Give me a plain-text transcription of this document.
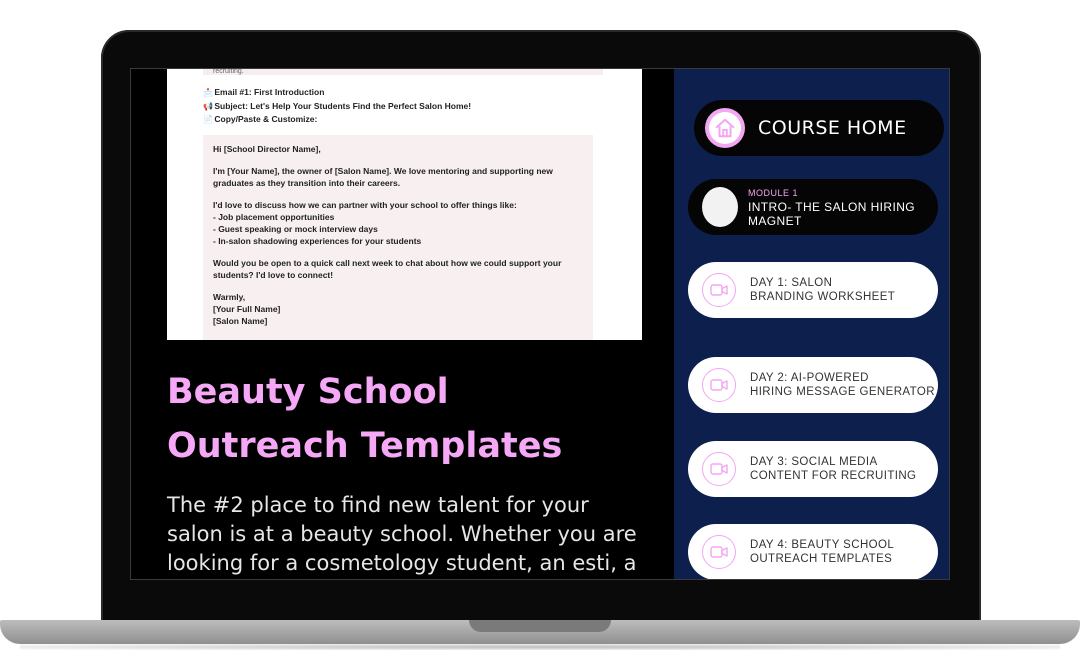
recruiting.
📩 Email #1: First Introduction
📢 Subject: Let's Help Your Students Find the Perfect Salon Home!
📄 Copy/Paste & Customize:

Hi [School Director Name],

I'm [Your Name], the owner of [Salon Name]. We love mentoring and supporting new
graduates as they transition into their careers.

I'd love to discuss how we can partner with your school to offer things like:
- Job placement opportunities
- Guest speaking or mock interview days
- In-salon shadowing experiences for your students

Would you be open to a quick call next week to chat about how we could support your
students? I'd love to connect!

Warmly,
[Your Full Name]
[Salon Name]

Beauty School Outreach Templates

The #2 place to find new talent for your salon is at a beauty school. Whether you are looking for a cosmetology student, an esti, a

COURSE HOME
MODULE 1
INTRO- THE SALON HIRING MAGNET
DAY 1: SALON
BRANDING WORKSHEET
DAY 2: AI-POWERED
HIRING MESSAGE GENERATOR
DAY 3: SOCIAL MEDIA
CONTENT FOR RECRUITING
DAY 4: BEAUTY SCHOOL
OUTREACH TEMPLATES
